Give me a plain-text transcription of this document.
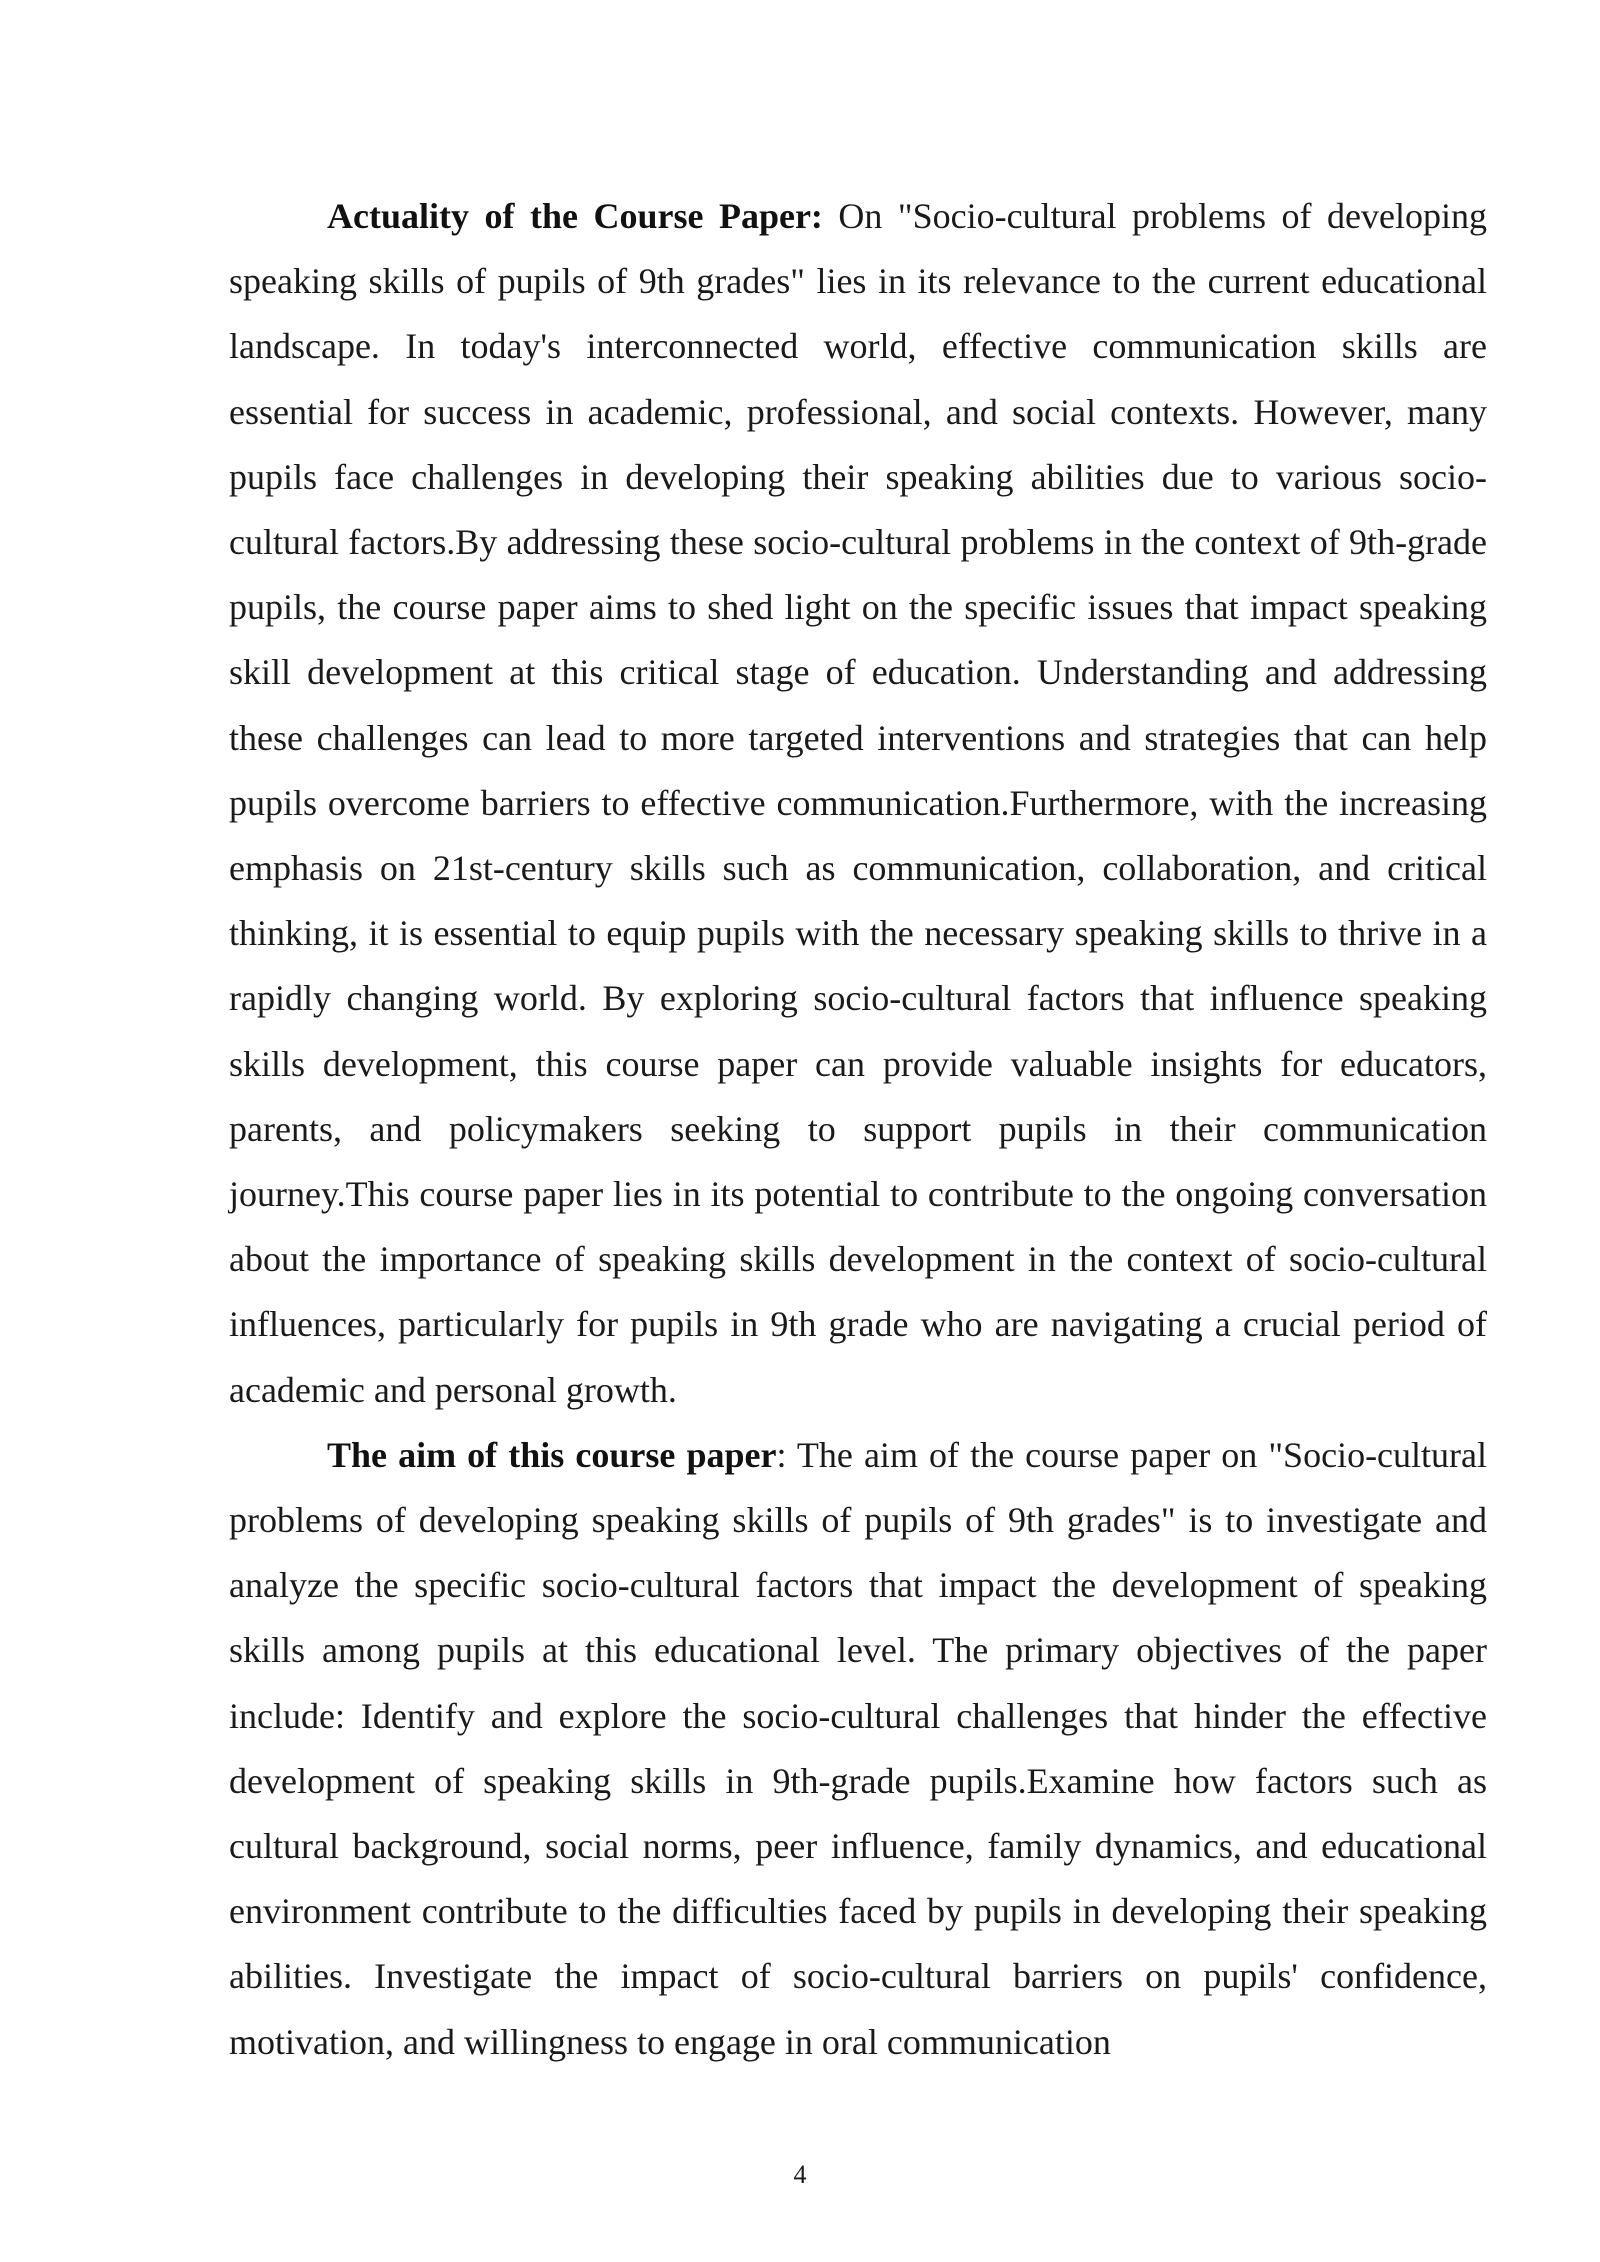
Actuality of the Course Paper: On "Socio-cultural problems of developing speaking skills of pupils of 9th grades" lies in its relevance to the current educational landscape. In today's interconnected world, effective communication skills are essential for success in academic, professional, and social contexts. However, many pupils face challenges in developing their speaking abilities due to various socio-cultural factors.By addressing these socio-cultural problems in the context of 9th-grade pupils, the course paper aims to shed light on the specific issues that impact speaking skill development at this critical stage of education. Understanding and addressing these challenges can lead to more targeted interventions and strategies that can help pupils overcome barriers to effective communication.Furthermore, with the increasing emphasis on 21st-century skills such as communication, collaboration, and critical thinking, it is essential to equip pupils with the necessary speaking skills to thrive in a rapidly changing world. By exploring socio-cultural factors that influence speaking skills development, this course paper can provide valuable insights for educators, parents, and policymakers seeking to support pupils in their communication journey.This course paper lies in its potential to contribute to the ongoing conversation about the importance of speaking skills development in the context of socio-cultural influences, particularly for pupils in 9th grade who are navigating a crucial period of academic and personal growth.

The aim of this course paper: The aim of the course paper on "Socio-cultural problems of developing speaking skills of pupils of 9th grades" is to investigate and analyze the specific socio-cultural factors that impact the development of speaking skills among pupils at this educational level. The primary objectives of the paper include: Identify and explore the socio-cultural challenges that hinder the effective development of speaking skills in 9th-grade pupils.Examine how factors such as cultural background, social norms, peer influence, family dynamics, and educational environment contribute to the difficulties faced by pupils in developing their speaking abilities. Investigate the impact of socio-cultural barriers on pupils' confidence, motivation, and willingness to engage in oral communication

4
